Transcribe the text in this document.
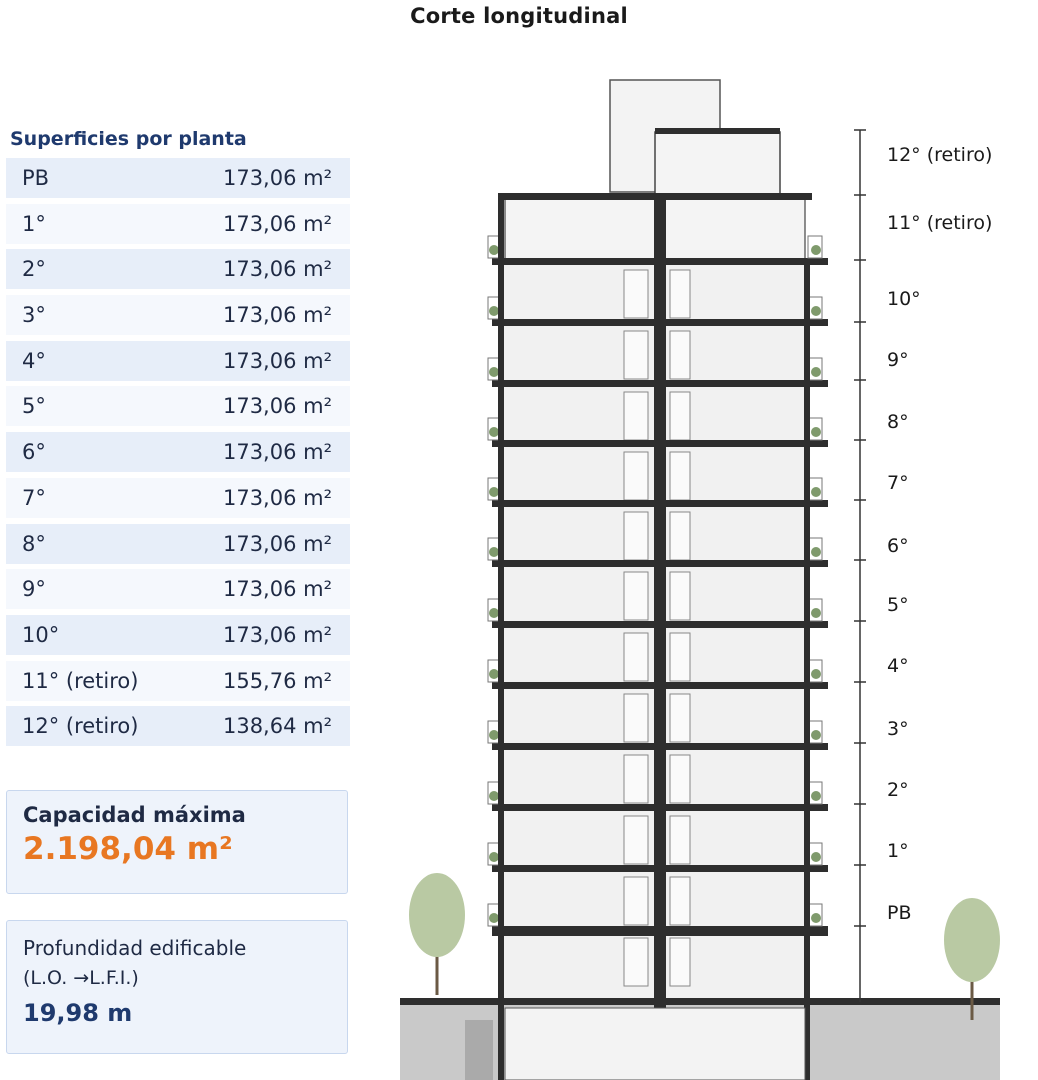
Corte longitudinal
Superficies por planta
PB	173,06 m²
1°	173,06 m²
2°	173,06 m²
3°	173,06 m²
4°	173,06 m²
5°	173,06 m²
6°	173,06 m²
7°	173,06 m²
8°	173,06 m²
9°	173,06 m²
10°	173,06 m²
11° (retiro)	155,76 m²
12° (retiro)	138,64 m²
Capacidad máxima
2.198,04 m²
Profundidad edificable
(L.O. →L.F.I.)
19,98 m
12° (retiro)
11° (retiro)
10°
9°
8°
7°
6°
5°
4°
3°
2°
1°
PB
